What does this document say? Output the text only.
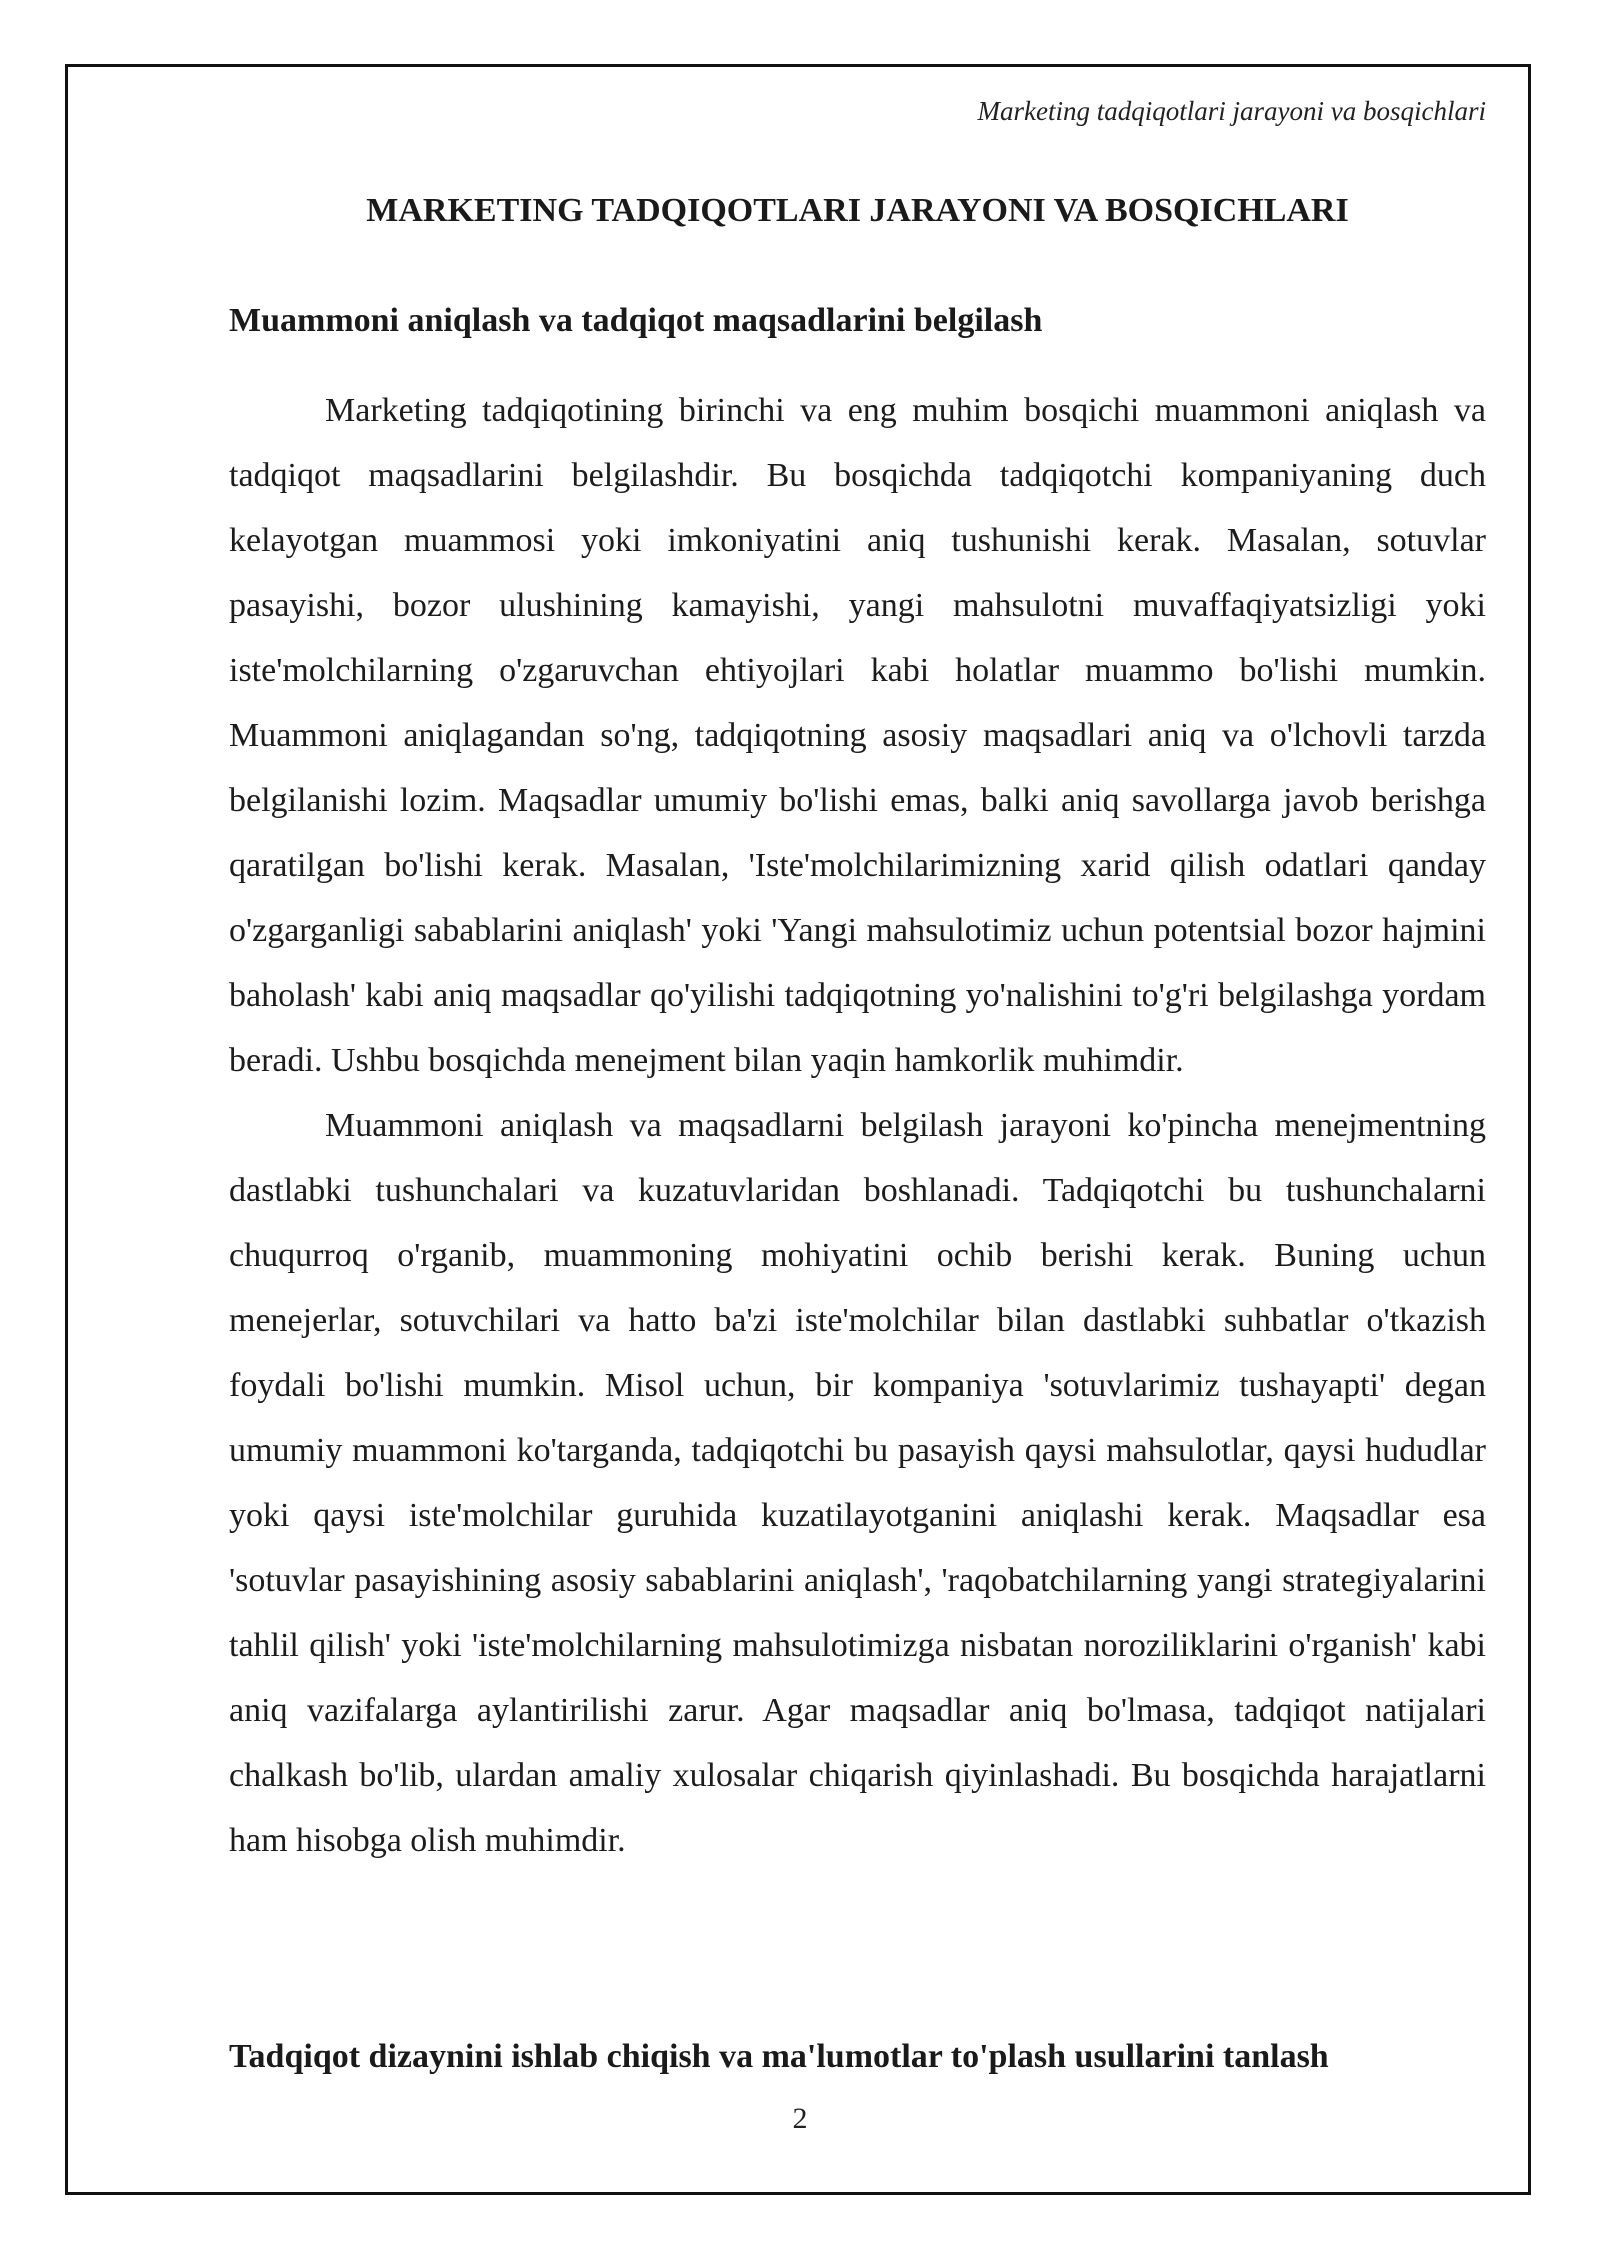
Marketing tadqiqotlari jarayoni va bosqichlari
MARKETING TADQIQOTLARI JARAYONI VA BOSQICHLARI
Muammoni aniqlash va tadqiqot maqsadlarini belgilash

Marketing tadqiqotining birinchi va eng muhim bosqichi muammoni aniqlash va tadqiqot maqsadlarini belgilashdir. Bu bosqichda tadqiqotchi kompaniyaning duch kelayotgan muammosi yoki imkoniyatini aniq tushunishi kerak. Masalan, sotuvlar pasayishi, bozor ulushining kamayishi, yangi mahsulotni muvaffaqiyatsizligi yoki iste'molchilarning o'zgaruvchan ehtiyojlari kabi holatlar muammo bo'lishi mumkin. Muammoni aniqlagandan so'ng, tadqiqotning asosiy maqsadlari aniq va o'lchovli tarzda belgilanishi lozim. Maqsadlar umumiy bo'lishi emas, balki aniq savollarga javob berishga qaratilgan bo'lishi kerak. Masalan, 'Iste'molchilarimizning xarid qilish odatlari qanday o'zgarganligi sabablarini aniqlash' yoki 'Yangi mahsulotimiz uchun potentsial bozor hajmini baholash' kabi aniq maqsadlar qo'yilishi tadqiqotning yo'nalishini to'g'ri belgilashga yordam beradi. Ushbu bosqichda menejment bilan yaqin hamkorlik muhimdir.

Muammoni aniqlash va maqsadlarni belgilash jarayoni ko'pincha menejmentning dastlabki tushunchalari va kuzatuvlaridan boshlanadi. Tadqiqotchi bu tushunchalarni chuqurroq o'rganib, muammoning mohiyatini ochib berishi kerak. Buning uchun menejerlar, sotuvchilari va hatto ba'zi iste'molchilar bilan dastlabki suhbatlar o'tkazish foydali bo'lishi mumkin. Misol uchun, bir kompaniya 'sotuvlarimiz tushayapti' degan umumiy muammoni ko'targanda, tadqiqotchi bu pasayish qaysi mahsulotlar, qaysi hududlar yoki qaysi iste'molchilar guruhida kuzatilayotganini aniqlashi kerak. Maqsadlar esa 'sotuvlar pasayishining asosiy sabablarini aniqlash', 'raqobatchilarning yangi strategiyalarini tahlil qilish' yoki 'iste'molchilarning mahsulotimizga nisbatan noroziliklarini o'rganish' kabi aniq vazifalarga aylantirilishi zarur. Agar maqsadlar aniq bo'lmasa, tadqiqot natijalari chalkash bo'lib, ulardan amaliy xulosalar chiqarish qiyinlashadi. Bu bosqichda harajatlarni ham hisobga olish muhimdir.

Tadqiqot dizaynini ishlab chiqish va ma'lumotlar to'plash usullarini tanlash
2
